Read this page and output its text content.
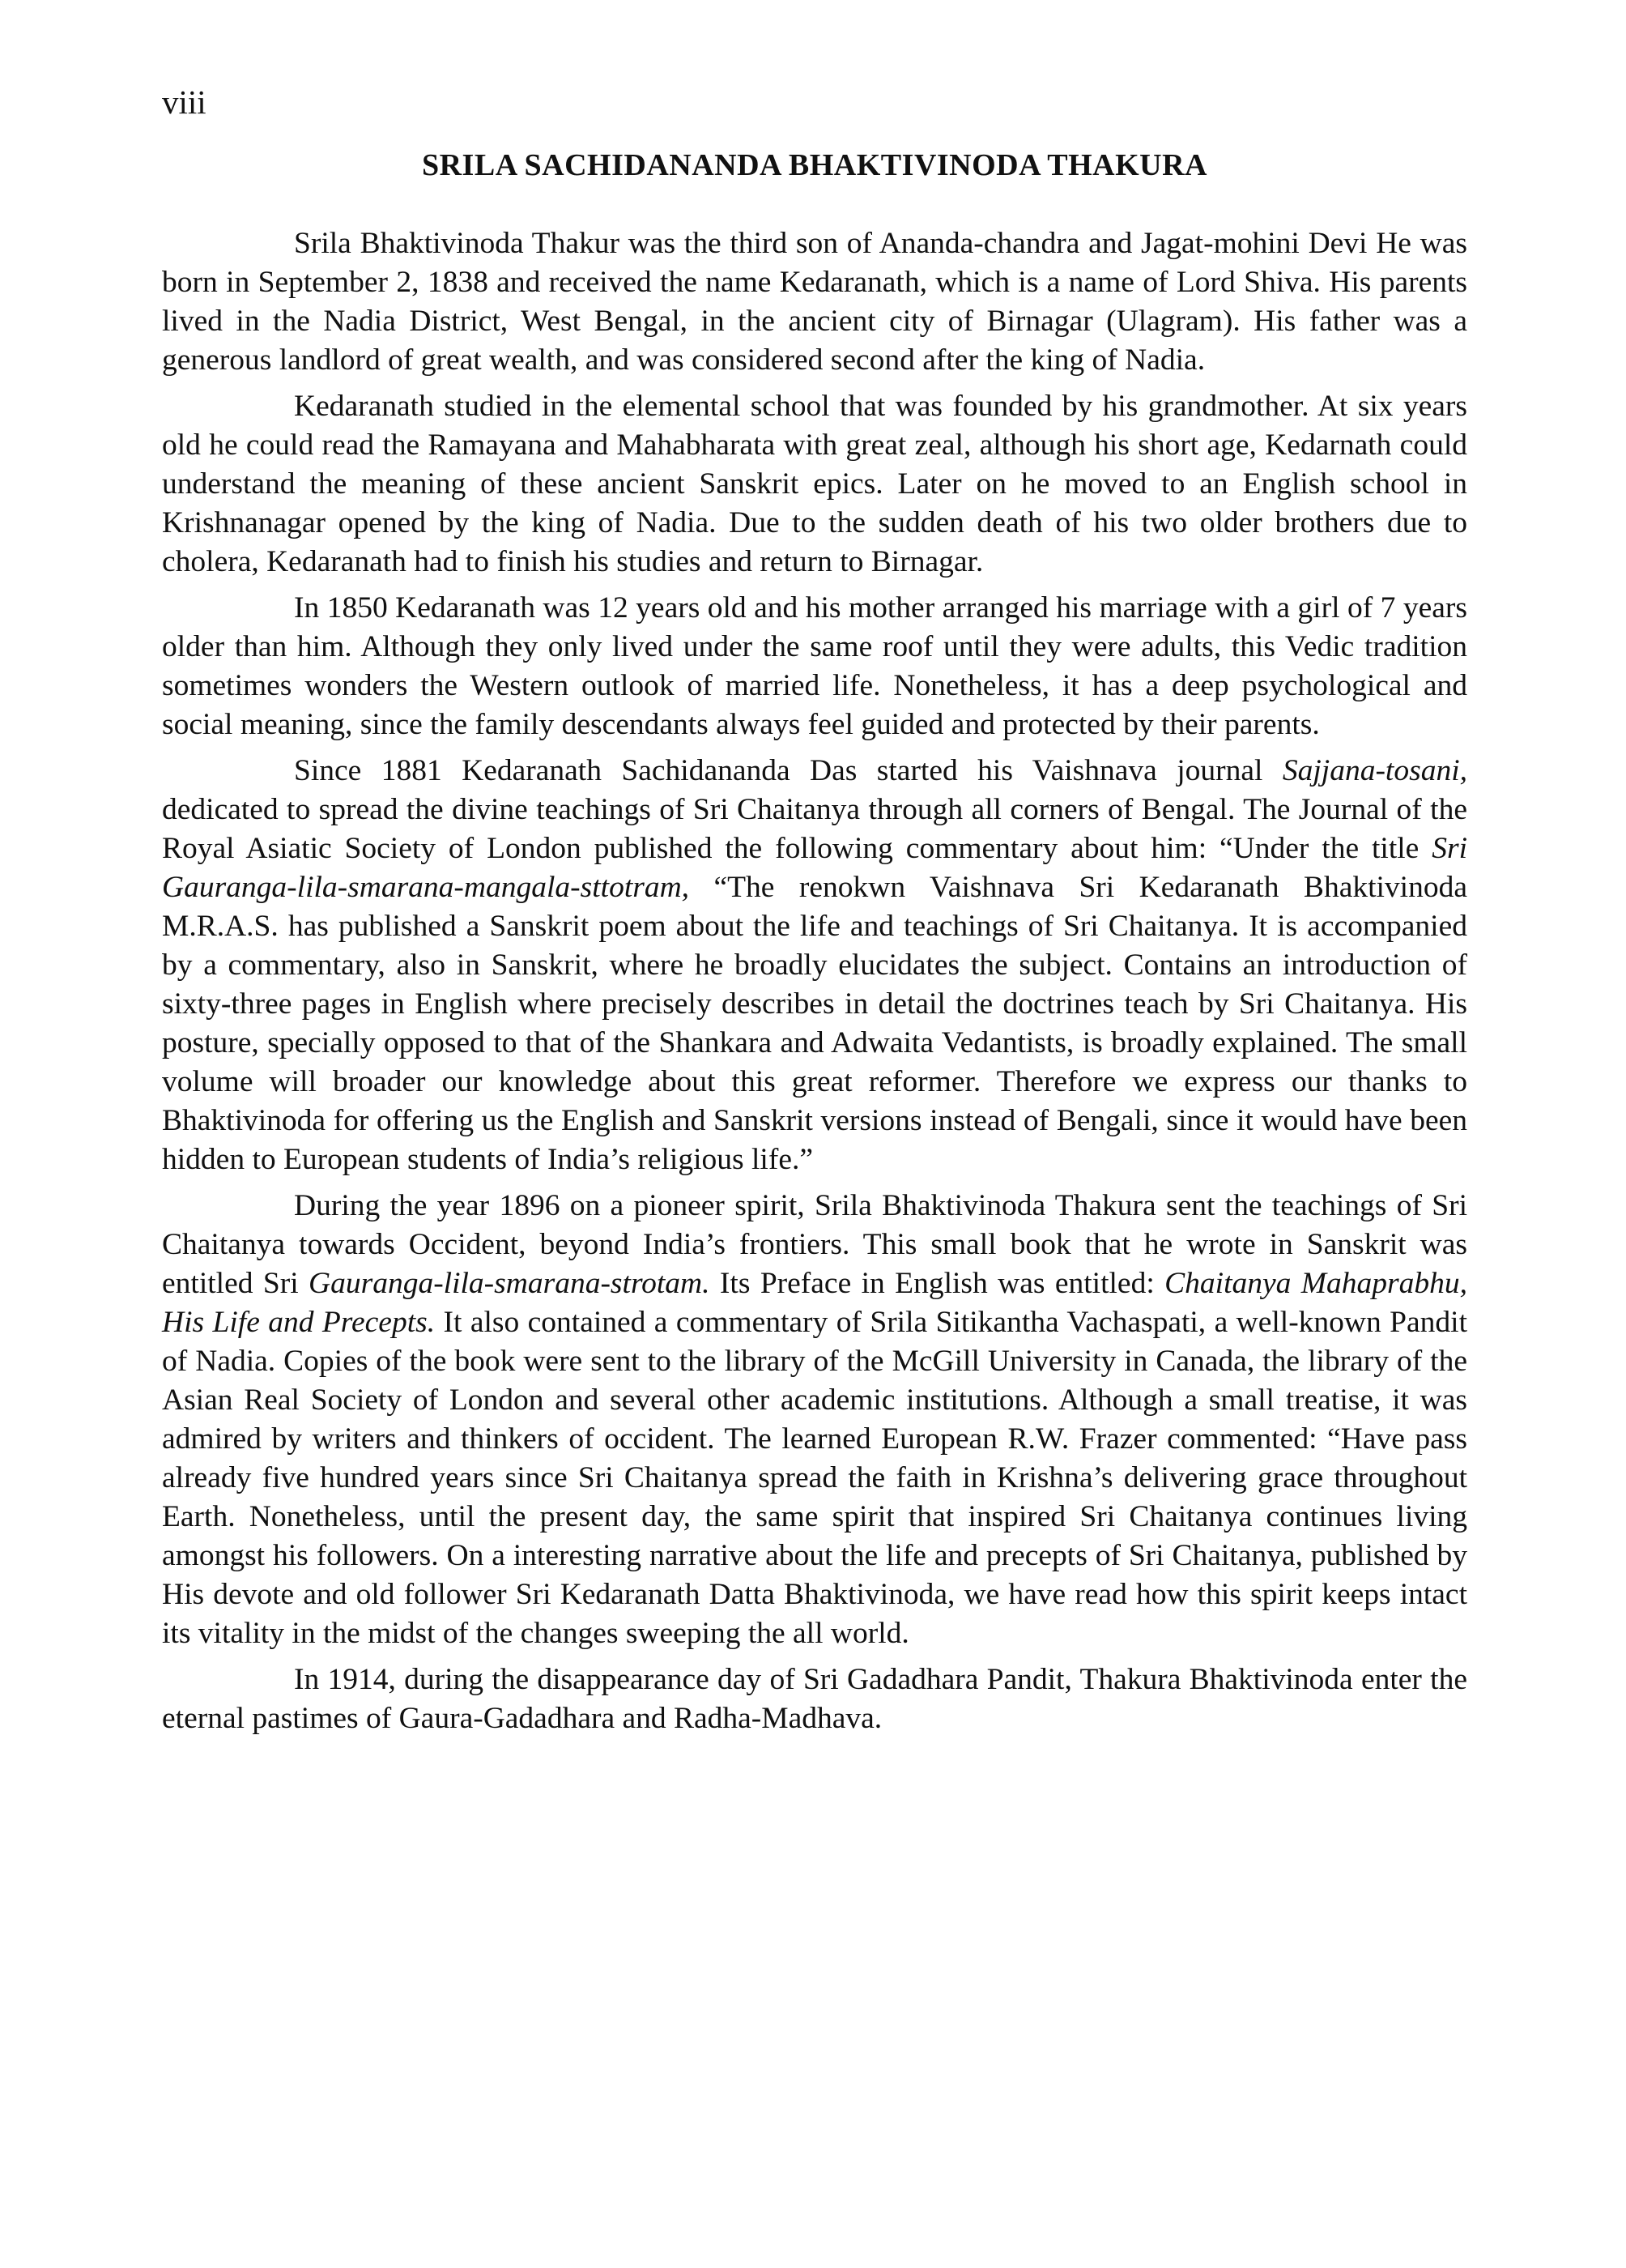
viii

SRILA SACHIDANANDA BHAKTIVINODA THAKURA

Srila Bhaktivinoda Thakur was the third son of Ananda-chandra and Jagat-mohini Devi He was born in September 2, 1838 and received the name Kedaranath, which is a name of Lord Shiva. His parents lived in the Nadia District, West Bengal, in the ancient city of Birnagar (Ulagram). His father was a generous landlord of great wealth, and was considered second after the king of Nadia.

Kedaranath studied in the elemental school that was founded by his grandmother. At six years old he could read the Ramayana and Mahabharata with great zeal, although his short age, Kedarnath could understand the meaning of these ancient Sanskrit epics. Later on he moved to an English school in Krishnanagar opened by the king of Nadia. Due to the sudden death of his two older brothers due to cholera, Kedaranath had to finish his studies and return to Birnagar.

In 1850 Kedaranath was 12 years old and his mother arranged his marriage with a girl of 7 years older than him. Although they only lived under the same roof until they were adults, this Vedic tradition sometimes wonders the Western outlook of married life. Nonetheless, it has a deep psychological and social meaning, since the family descendants always feel guided and protected by their parents.

Since 1881 Kedaranath Sachidananda Das started his Vaishnava journal Sajjana-tosani, dedicated to spread the divine teachings of Sri Chaitanya through all corners of Bengal. The Journal of the Royal Asiatic Society of London published the following commentary about him: “Under the title Sri Gauranga-lila-smarana-mangala-sttotram, “The renokwn Vaishnava Sri Kedaranath Bhaktivinoda M.R.A.S. has published a Sanskrit poem about the life and teachings of Sri Chaitanya. It is accompanied by a commentary, also in Sanskrit, where he broadly elucidates the subject. Contains an introduction of sixty-three pages in English where precisely describes in detail the doctrines teach by Sri Chaitanya. His posture, specially opposed to that of the Shankara and Adwaita Vedantists, is broadly explained. The small volume will broader our knowledge about this great reformer. Therefore we express our thanks to Bhaktivinoda for offering us the English and Sanskrit versions instead of Bengali, since it would have been hidden to European students of India’s religious life.”

During the year 1896 on a pioneer spirit, Srila Bhaktivinoda Thakura sent the teachings of Sri Chaitanya towards Occident, beyond India’s frontiers. This small book that he wrote in Sanskrit was entitled Sri Gauranga-lila-smarana-strotam. Its Preface in English was entitled: Chaitanya Mahaprabhu, His Life and Precepts. It also contained a commentary of Srila Sitikantha Vachaspati, a well-known Pandit of Nadia. Copies of the book were sent to the library of the McGill University in Canada, the library of the Asian Real Society of London and several other academic institutions. Although a small treatise, it was admired by writers and thinkers of occident. The learned European R.W. Frazer commented: “Have pass already five hundred years since Sri Chaitanya spread the faith in Krishna’s delivering grace throughout Earth. Nonetheless, until the present day, the same spirit that inspired Sri Chaitanya continues living amongst his followers. On a interesting narrative about the life and precepts of Sri Chaitanya, published by His devote and old follower Sri Kedaranath Datta Bhaktivinoda, we have read how this spirit keeps intact its vitality in the midst of the changes sweeping the all world.

In 1914, during the disappearance day of Sri Gadadhara Pandit, Thakura Bhaktivinoda enter the eternal pastimes of Gaura-Gadadhara and Radha-Madhava.
